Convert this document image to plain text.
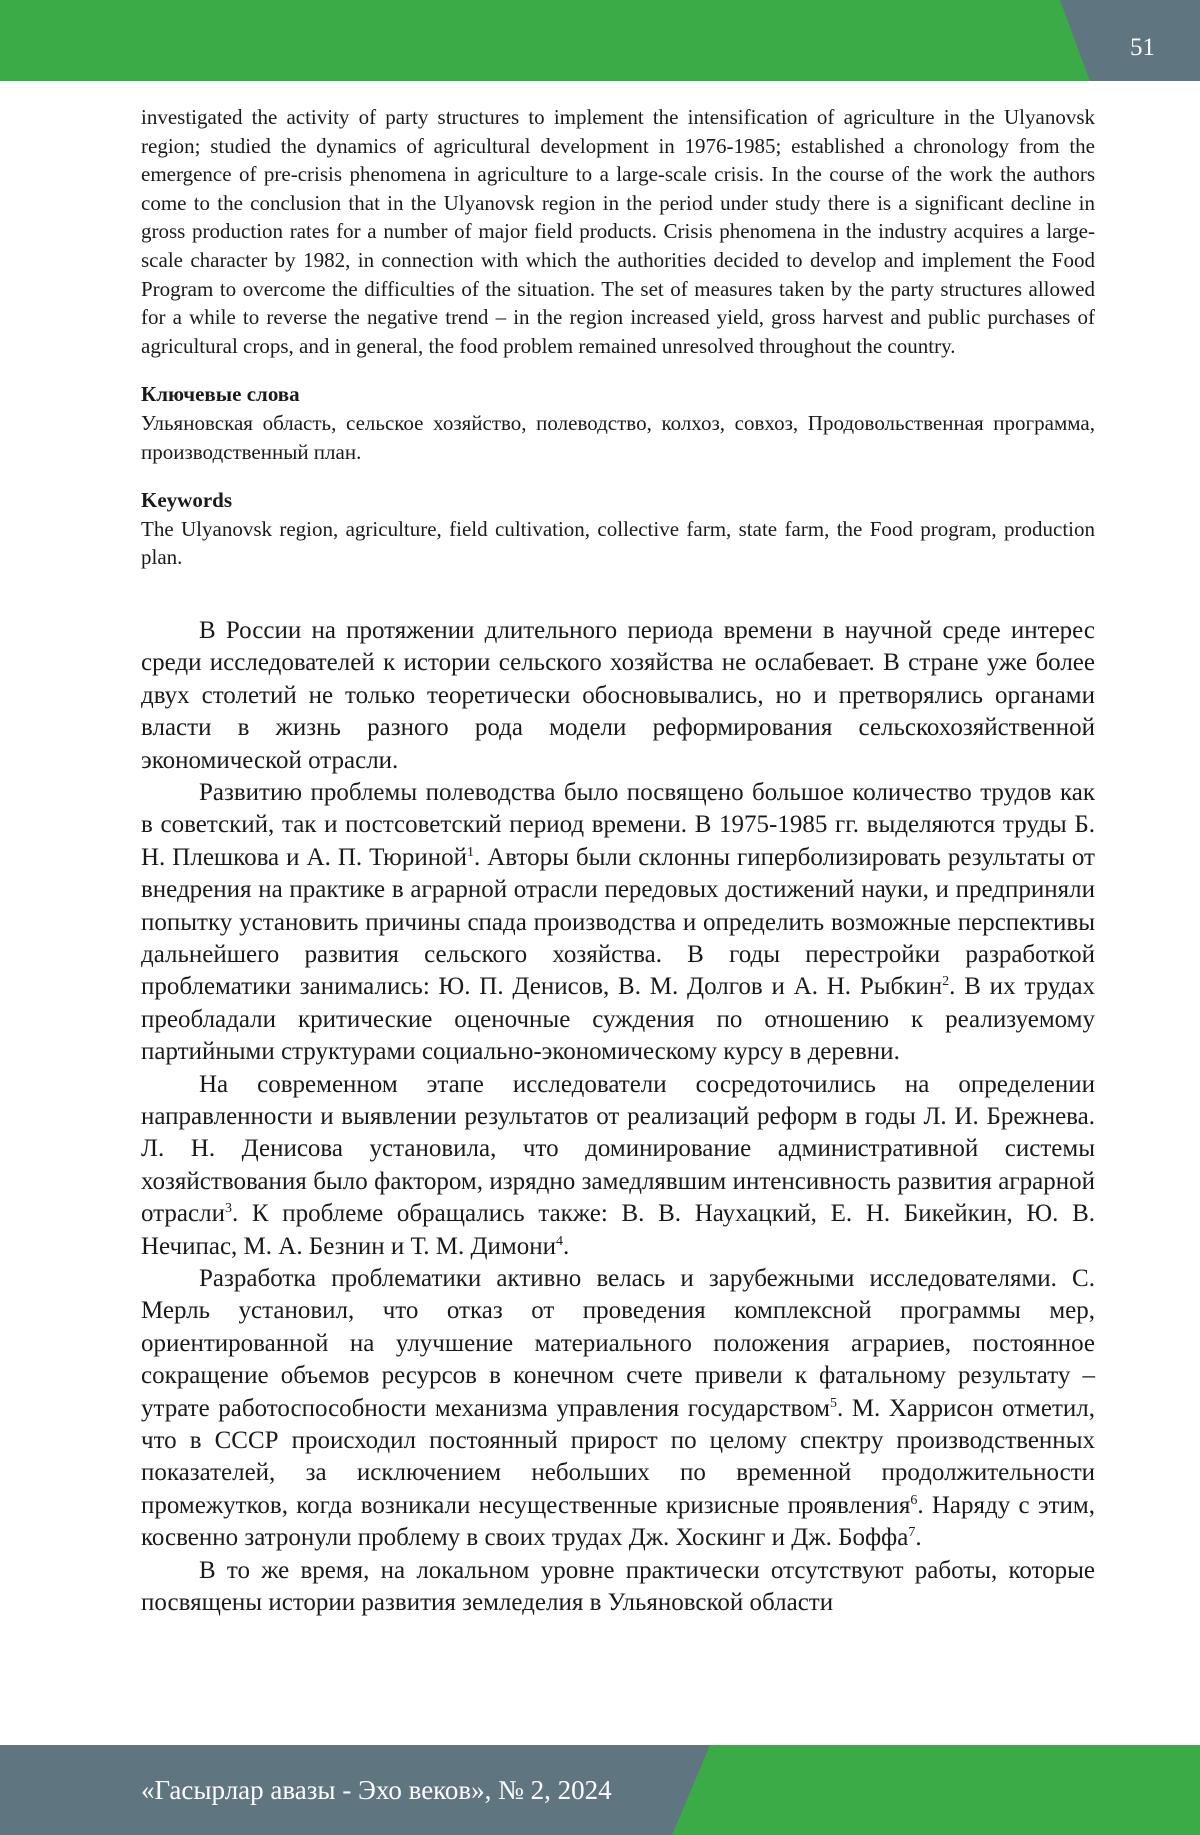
51

investigated the activity of party structures to implement the intensification of agriculture in the Ulyanovsk region; studied the dynamics of agricultural development in 1976-1985; established a chronology from the emergence of pre-crisis phenomena in agriculture to a large-scale crisis. In the course of the work the authors come to the conclusion that in the Ulyanovsk region in the period under study there is a significant decline in gross production rates for a number of major field products. Crisis phenomena in the industry acquires a large-scale character by 1982, in connection with which the authorities decided to develop and implement the Food Program to overcome the difficulties of the situation. The set of measures taken by the party structures allowed for a while to reverse the negative trend – in the region increased yield, gross harvest and public purchases of agricultural crops, and in general, the food problem remained unresolved throughout the country.

Ключевые слова
Ульяновская область, сельское хозяйство, полеводство, колхоз, совхоз, Продовольственная программа, производственный план.
Keywords
The Ulyanovsk region, agriculture, field cultivation, collective farm, state farm, the Food program, production plan.

В России на протяжении длительного периода времени в научной среде интерес среди исследователей к истории сельского хозяйства не ослабевает. В стране уже более двух столетий не только теоретически обосновывались, но и претворялись органами власти в жизнь разного рода модели реформирования сельскохозяйственной экономической отрасли.

Развитию проблемы полеводства было посвящено большое количество трудов как в советский, так и постсоветский период времени. В 1975-1985 гг. выделяются труды Б. Н. Плешкова и А. П. Тюриной$^1$. Авторы были склонны гиперболизировать результаты от внедрения на практике в аграрной отрасли передовых достижений науки, и предприняли попытку установить причины спада производства и определить возможные перспективы дальнейшего развития сельского хозяйства. В годы перестройки разработкой проблематики занимались: Ю. П. Денисов, В. М. Долгов и А. Н. Рыбкин$^2$. В их трудах преобладали критические оценочные суждения по отношению к реализуемому партийными структурами социально-экономическому курсу в деревни.

На современном этапе исследователи сосредоточились на определении направленности и выявлении результатов от реализаций реформ в годы Л. И. Брежнева. Л. Н. Денисова установила, что доминирование административной системы хозяйствования было фактором, изрядно замедлявшим интенсивность развития аграрной отрасли$^3$. К проблеме обращались также: В. В. Наухацкий, Е. Н. Бикейкин, Ю. В. Нечипас, М. А. Безнин и Т. М. Димони$^4$.

Разработка проблематики активно велась и зарубежными исследователями. С. Мерль установил, что отказ от проведения комплексной программы мер, ориентированной на улучшение материального положения аграриев, постоянное сокращение объемов ресурсов в конечном счете привели к фатальному результату – утрате работоспособности механизма управления государством$^5$. М. Харрисон отметил, что в СССР происходил постоянный прирост по целому спектру производственных показателей, за исключением небольших по временной продолжительности промежутков, когда возникали несущественные кризисные проявления$^6$. Наряду с этим, косвенно затронули проблему в своих трудах Дж. Хоскинг и Дж. Боффа$^7$.

В то же время, на локальном уровне практически отсутствуют работы, которые посвящены истории развития земледелия в Ульяновской области

«Гасырлар авазы - Эхо веков», № 2, 2024
